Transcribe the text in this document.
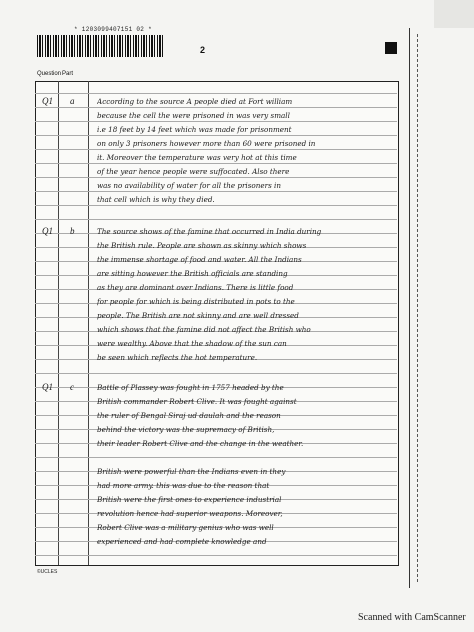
* 1203099407151 02 *
2
Question Part
Q1 a	According to the source A people died at Fort william
because the cell the were prisoned in was very small
i.e 18 feet by 14 feet which was made for prisonment
on only 3 prisoners however more than 60 were prisoned in
it. Moreover the temperature was very hot at this time
of the year hence people were suffocated. Also there
was no availability of water for all the prisoners in
that cell which is why they died.
Q1 b	The source shows of the famine that occurred in India during
the British rule. People are shown as skinny which shows
the immense shortage of food and water. All the Indians
are sitting however the British officials are standing
as they are dominant over Indians. There is little food
for people for which is being distributed in pots to the
people. The British are not skinny and are well dressed
which shows that the famine did not affect the British who
were wealthy. Above that the shadow of the sun can
be seen which reflects the hot temperature.
Q1 c	Battle of Plassey was fought in 1757 headed by the
British commander Robert Clive. It was fought against
the ruler of Bengal Siraj ud daulah and the reason
behind the victory was the supremacy of British,
their leader Robert Clive and the change in the weather.
British were powerful than the Indians even in they
had more army. this was due to the reason that
British were the first ones to experience industrial
revolution hence had superior weapons. Moreover,
Robert Clive was a military genius who was well
experienced and had complete knowledge and
©UCLES
Scanned with CamScanner
